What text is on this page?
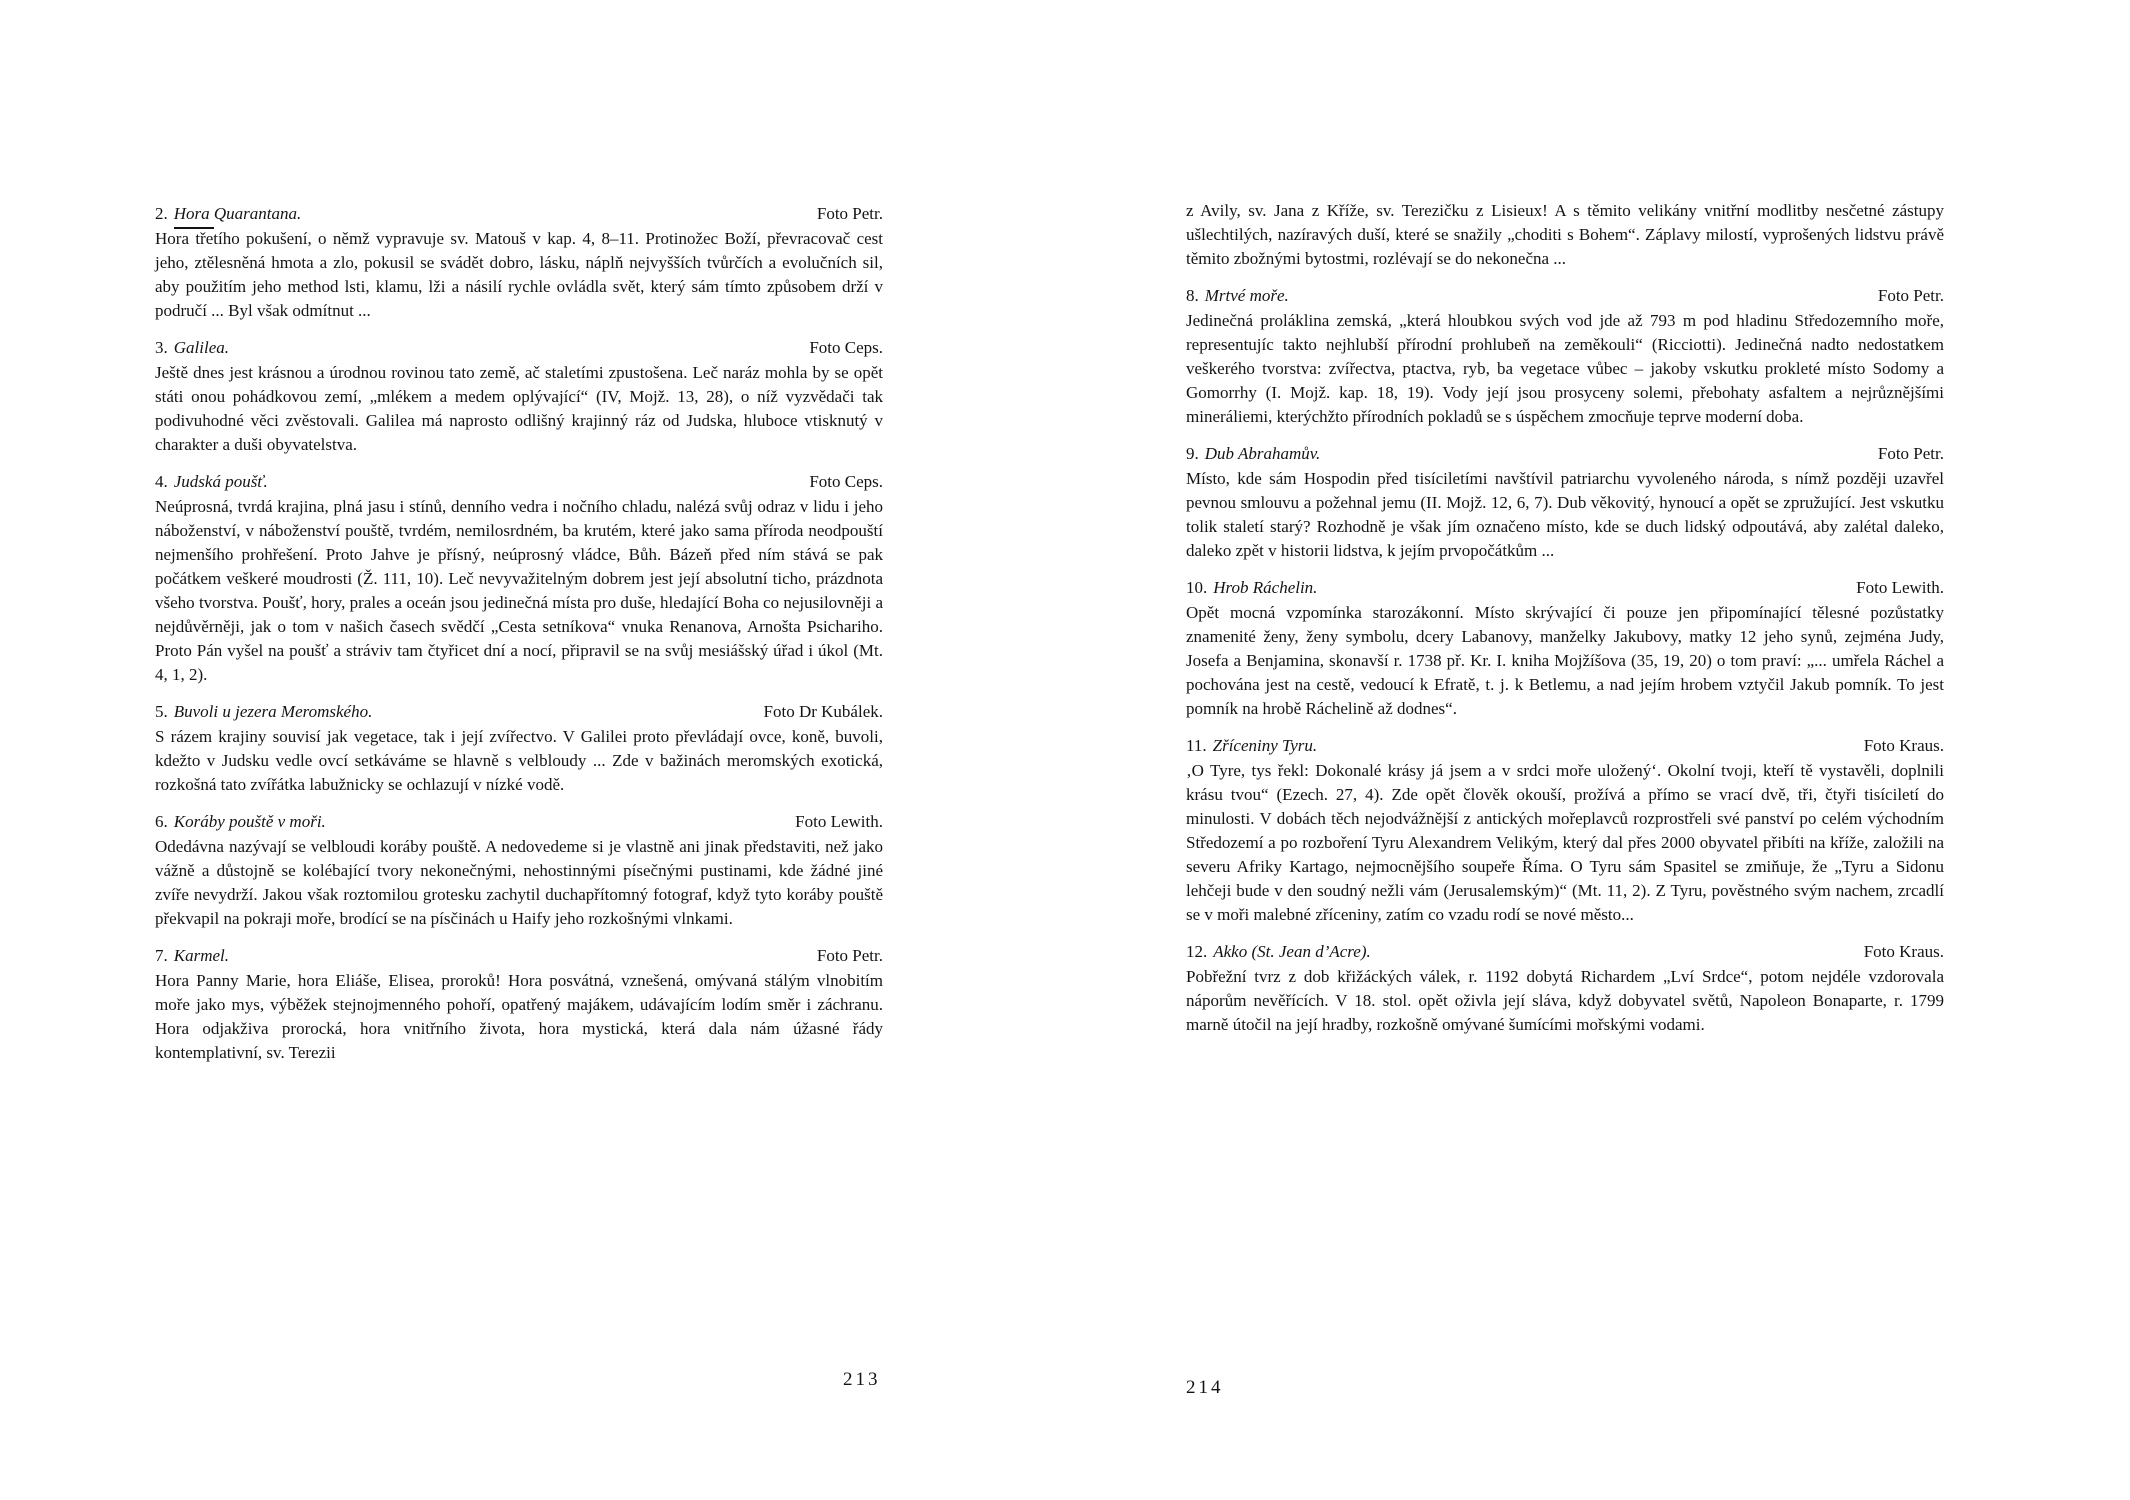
2. Hora Quarantana.	Foto Petr.

Hora třetího pokušení, o němž vypravuje sv. Matouš v kap. 4, 8–11. Protinožec Boží, převracovač cest jeho, ztělesněná hmota a zlo, pokusil se svádět dobro, lásku, náplň nejvyšších tvůrčích a evolučních sil, aby použitím jeho method lsti, klamu, lži a násilí rychle ovládla svět, který sám tímto způsobem drží v područí ... Byl však odmítnut ...

3. Galilea.	Foto Ceps.

Ještě dnes jest krásnou a úrodnou rovinou tato země, ač staletími zpustošena. Leč naráz mohla by se opět státi onou pohádkovou zemí, „mlékem a medem oplývající“ (IV, Mojž. 13, 28), o níž vyzvědači tak podivuhodné věci zvěstovali. Galilea má naprosto odlišný krajinný ráz od Judska, hluboce vtisknutý v charakter a duši obyvatelstva.

4. Judská poušť.	Foto Ceps.

Neúprosná, tvrdá krajina, plná jasu i stínů, denního vedra i nočního chladu, nalézá svůj odraz v lidu i jeho náboženství, v náboženství pouště, tvrdém, nemilosrdném, ba krutém, které jako sama příroda neodpouští nejmenšího prohřešení. Proto Jahve je přísný, neúprosný vládce, Bůh. Bázeň před ním stává se pak počátkem veškeré moudrosti (Ž. 111, 10). Leč nevyvažitelným dobrem jest její absolutní ticho, prázdnota všeho tvorstva. Poušť, hory, prales a oceán jsou jedinečná místa pro duše, hledající Boha co nejusilovněji a nejdůvěrněji, jak o tom v našich časech svědčí „Cesta setníkova“ vnuka Renanova, Arnošta Psichariho. Proto Pán vyšel na poušť a stráviv tam čtyřicet dní a nocí, připravil se na svůj mesiášský úřad i úkol (Mt. 4, 1, 2).

5. Buvoli u jezera Meromského.	Foto Dr Kubálek.

S rázem krajiny souvisí jak vegetace, tak i její zvířectvo. V Galilei proto převládají ovce, koně, buvoli, kdežto v Judsku vedle ovcí setkáváme se hlavně s velbloudy ... Zde v bažinách meromských exotická, rozkošná tato zvířátka labužnicky se ochlazují v nízké vodě.

6. Koráby pouště v moři.	Foto Lewith.

Odedávna nazývají se velbloudi koráby pouště. A nedovedeme si je vlastně ani jinak představiti, než jako vážně a důstojně se kolébající tvory nekonečnými, nehostinnými písečnými pustinami, kde žádné jiné zvíře nevydrží. Jakou však roztomilou grotesku zachytil duchapřítomný fotograf, když tyto koráby pouště překvapil na pokraji moře, brodící se na písčinách u Haify jeho rozkošnými vlnkami.

7. Karmel.	Foto Petr.

Hora Panny Marie, hora Eliáše, Elisea, proroků! Hora posvátná, vznešená, omývaná stálým vlnobitím moře jako mys, výběžek stejnojmenného pohoří, opatřený majákem, udávajícím lodím směr i záchranu. Hora odjakživa prorocká, hora vnitřního života, hora mystická, která dala nám úžasné řády kontemplativní, sv. Terezii

z Avily, sv. Jana z Kříže, sv. Terezičku z Lisieux! A s těmito velikány vnitřní modlitby nesčetné zástupy ušlechtilých, nazíravých duší, které se snažily „choditi s Bohem“. Záplavy milostí, vyprošených lidstvu právě těmito zbožnými bytostmi, rozlévají se do nekonečna ...

8. Mrtvé moře.	Foto Petr.

Jedinečná proláklina zemská, „která hloubkou svých vod jde až 793 m pod hladinu Středozemního moře, representujíc takto nejhlubší přírodní prohlubeň na zeměkouli“ (Ricciotti). Jedinečná nadto nedostatkem veškerého tvorstva: zvířectva, ptactva, ryb, ba vegetace vůbec – jakoby vskutku prokleté místo Sodomy a Gomorrhy (I. Mojž. kap. 18, 19). Vody její jsou prosyceny solemi, přebohaty asfaltem a nejrůznějšími mineráliemi, kterýchžto přírodních pokladů se s úspěchem zmocňuje teprve moderní doba.

9. Dub Abrahamův.	Foto Petr.

Místo, kde sám Hospodin před tisíciletími navštívil patriarchu vyvoleného národa, s nímž později uzavřel pevnou smlouvu a požehnal jemu (II. Mojž. 12, 6, 7). Dub věkovitý, hynoucí a opět se zpružující. Jest vskutku tolik staletí starý? Rozhodně je však jím označeno místo, kde se duch lidský odpoutává, aby zalétal daleko, daleko zpět v historii lidstva, k jejím prvopočátkům ...

10. Hrob Ráchelin.	Foto Lewith.

Opět mocná vzpomínka starozákonní. Místo skrývající či pouze jen připomínající tělesné pozůstatky znamenité ženy, ženy symbolu, dcery Labanovy, manželky Jakubovy, matky 12 jeho synů, zejména Judy, Josefa a Benjamina, skonavší r. 1738 př. Kr. I. kniha Mojžíšova (35, 19, 20) o tom praví: „... umřela Ráchel a pochována jest na cestě, vedoucí k Efratě, t. j. k Betlemu, a nad jejím hrobem vztyčil Jakub pomník. To jest pomník na hrobě Ráchelině až dodnes“.

11. Zříceniny Tyru.	Foto Kraus.

‚O Tyre, tys řekl: Dokonalé krásy já jsem a v srdci moře uložený‘. Okolní tvoji, kteří tě vystavěli, doplnili krásu tvou“ (Ezech. 27, 4). Zde opět člověk okouší, prožívá a přímo se vrací dvě, tři, čtyři tisíciletí do minulosti. V dobách těch nejodvážnější z antických mořeplavců rozprostřeli své panství po celém východním Středozemí a po rozboření Tyru Alexandrem Velikým, který dal přes 2000 obyvatel přibíti na kříže, založili na severu Afriky Kartago, nejmocnějšího soupeře Říma. O Tyru sám Spasitel se zmiňuje, že „Tyru a Sidonu lehčeji bude v den soudný nežli vám (Jerusalemským)“ (Mt. 11, 2). Z Tyru, pověstného svým nachem, zrcadlí se v moři malebné zříceniny, zatím co vzadu rodí se nové město...

12. Akko (St. Jean d’Acre).	Foto Kraus.

Pobřežní tvrz z dob křižáckých válek, r. 1192 dobytá Richardem „Lví Srdce“, potom nejdéle vzdorovala náporům nevěřících. V 18. stol. opět oživla její sláva, když dobyvatel světů, Napoleon Bonaparte, r. 1799 marně útočil na její hradby, rozkošně omývané šumícími mořskými vodami.

213	214
